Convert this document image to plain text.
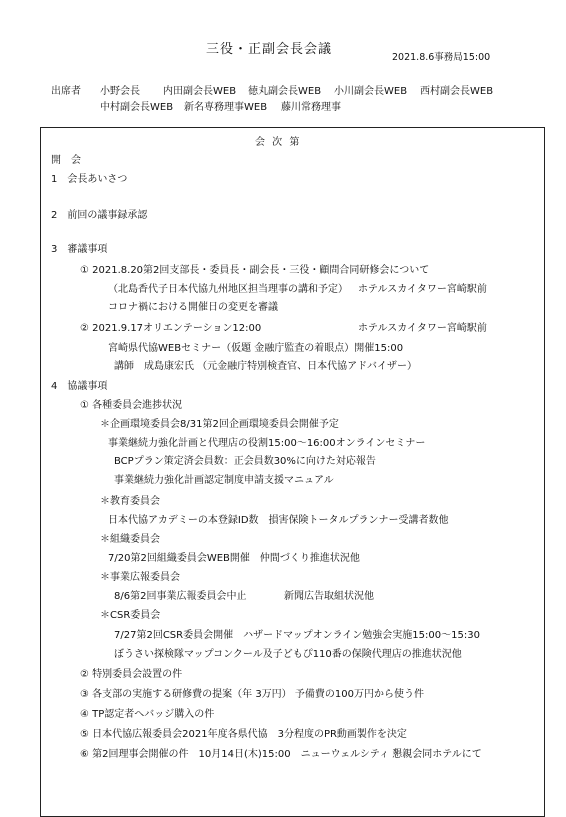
三役・正副会長会議
2021.8.6事務局15:00
出席者 小野会長 内田副会長WEB 徳丸副会長WEB 小川副会長WEB 西村副会長WEB
中村副会長WEB 新名専務理事WEB 藤川常務理事
会 次 第
開　会
1　会長あいさつ
2　前回の議事録承認
3　審議事項
① 2021.8.20第2回支部長・委員長・副会長・三役・顧問合同研修会について
（北島香代子日本代協九州地区担当理事の講和予定） ホテルスカイタワー宮崎駅前
コロナ禍における開催日の変更を審議
② 2021.9.17オリエンテーション12:00	ホテルスカイタワー宮崎駅前
宮崎県代協WEBセミナー（仮題 金融庁監査の着眼点）開催15:00
講師　成島康宏氏 （元金融庁特別検査官、日本代協アドバイザー）
4　協議事項
① 各種委員会進捗状況
＊企画環境委員会8/31第2回企画環境委員会開催予定
事業継続力強化計画と代理店の役割15:00〜16:00オンラインセミナー
BCPプラン策定済会員数：正会員数30%に向けた対応報告
事業継続力強化計画認定制度申請支援マニュアル
＊教育委員会
日本代協アカデミーの本登録ID数　損害保険トータルプランナー受講者数他
＊組織委員会
7/20第2回組織委員会WEB開催　仲間づくり推進状況他
＊事業広報委員会
8/6第2回事業広報委員会中止	新聞広告取組状況他
＊CSR委員会
7/27第2回CSR委員会開催　ハザードマップオンライン勉強会実施15:00〜15:30
ぼうさい探検隊マップコンクール及子どもぴ110番の保険代理店の推進状況他
② 特別委員会設置の件
③ 各支部の実施する研修費の提案（年 3万円） 予備費の100万円から使う件
④ TP認定者へバッジ購入の件
⑤ 日本代協広報委員会2021年度各県代協　3分程度のPR動画製作を決定
⑥ 第2回理事会開催の件　10月14日(木)15:00　ニューウェルシティ 懇親会同ホテルにて
